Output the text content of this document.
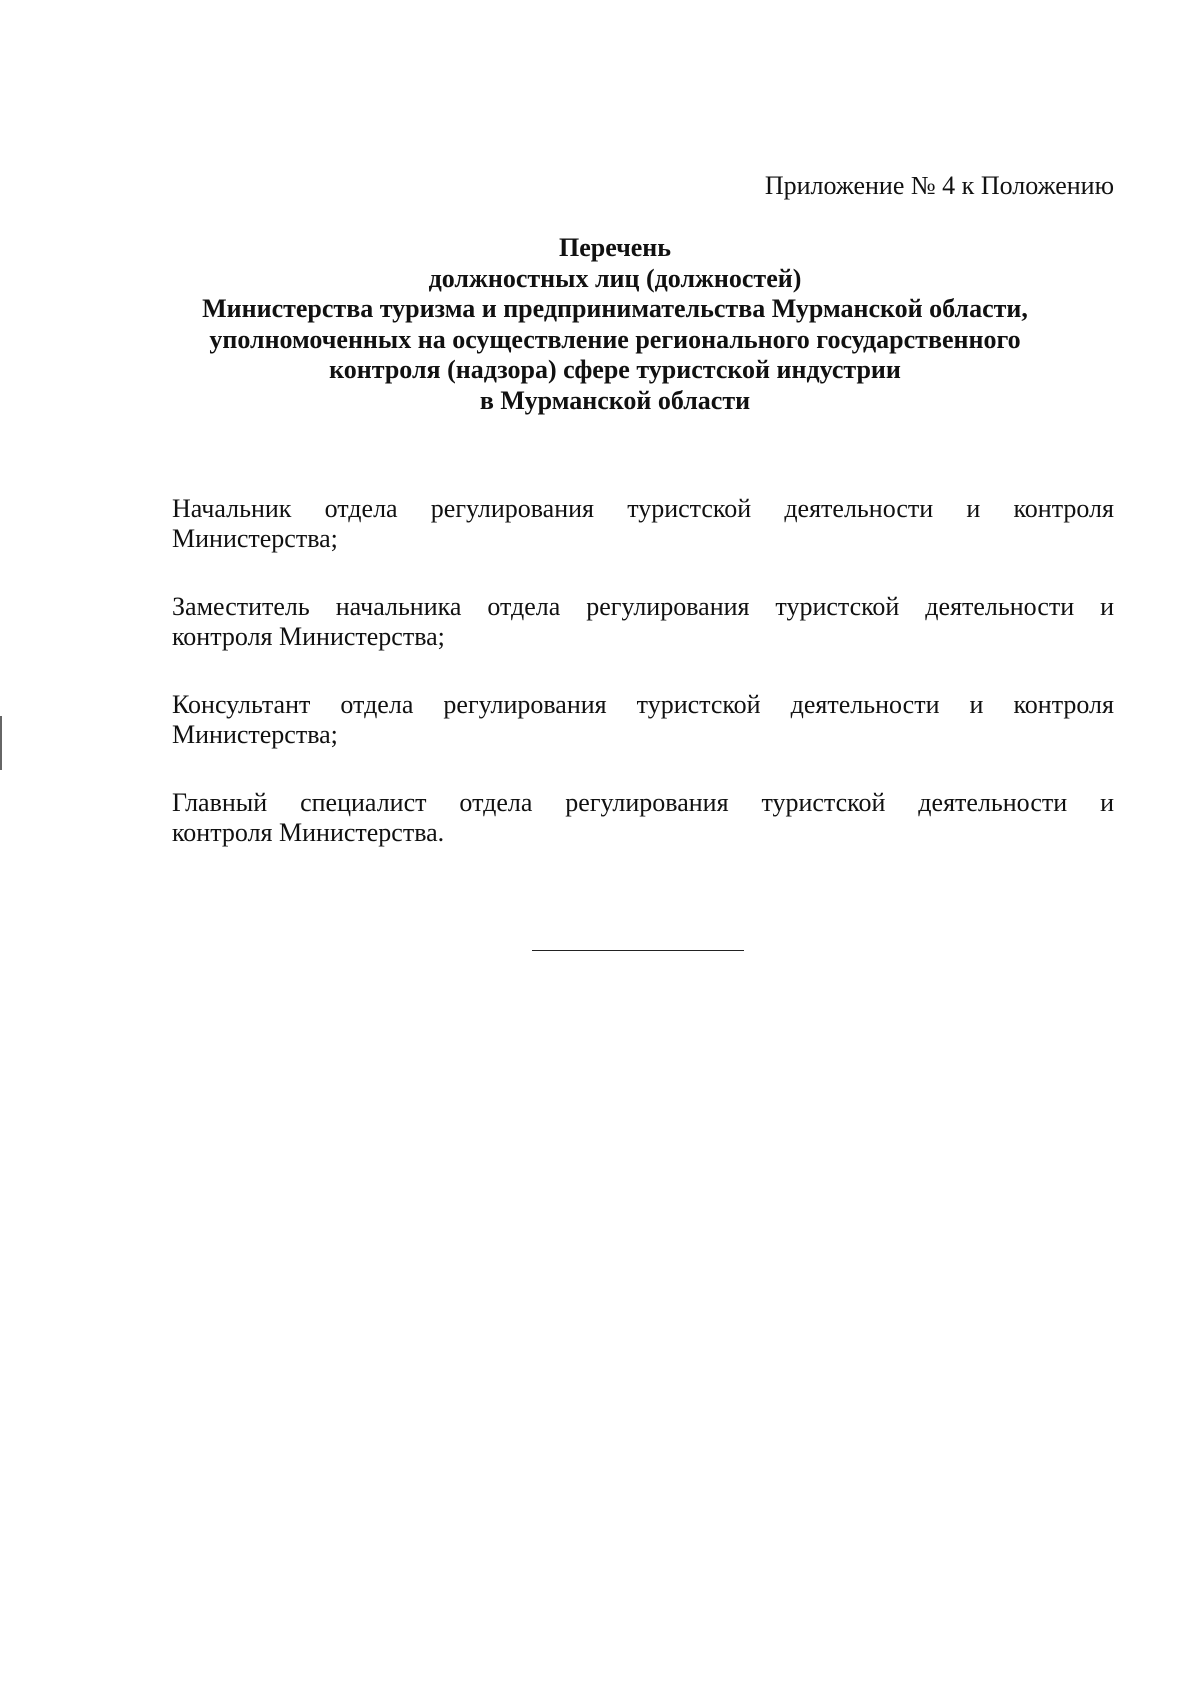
Приложение № 4 к Положению
Перечень
должностных лиц (должностей)
Министерства туризма и предпринимательства Мурманской области,
уполномоченных на осуществление регионального государственного
контроля (надзора) сфере туристской индустрии
в Мурманской области
Начальник отдела регулирования туристской деятельности и контроля
Министерства;
Заместитель начальника отдела регулирования туристской деятельности и
контроля Министерства;
Консультант отдела регулирования туристской деятельности и контроля
Министерства;
Главный специалист отдела регулирования туристской деятельности и
контроля Министерства.
